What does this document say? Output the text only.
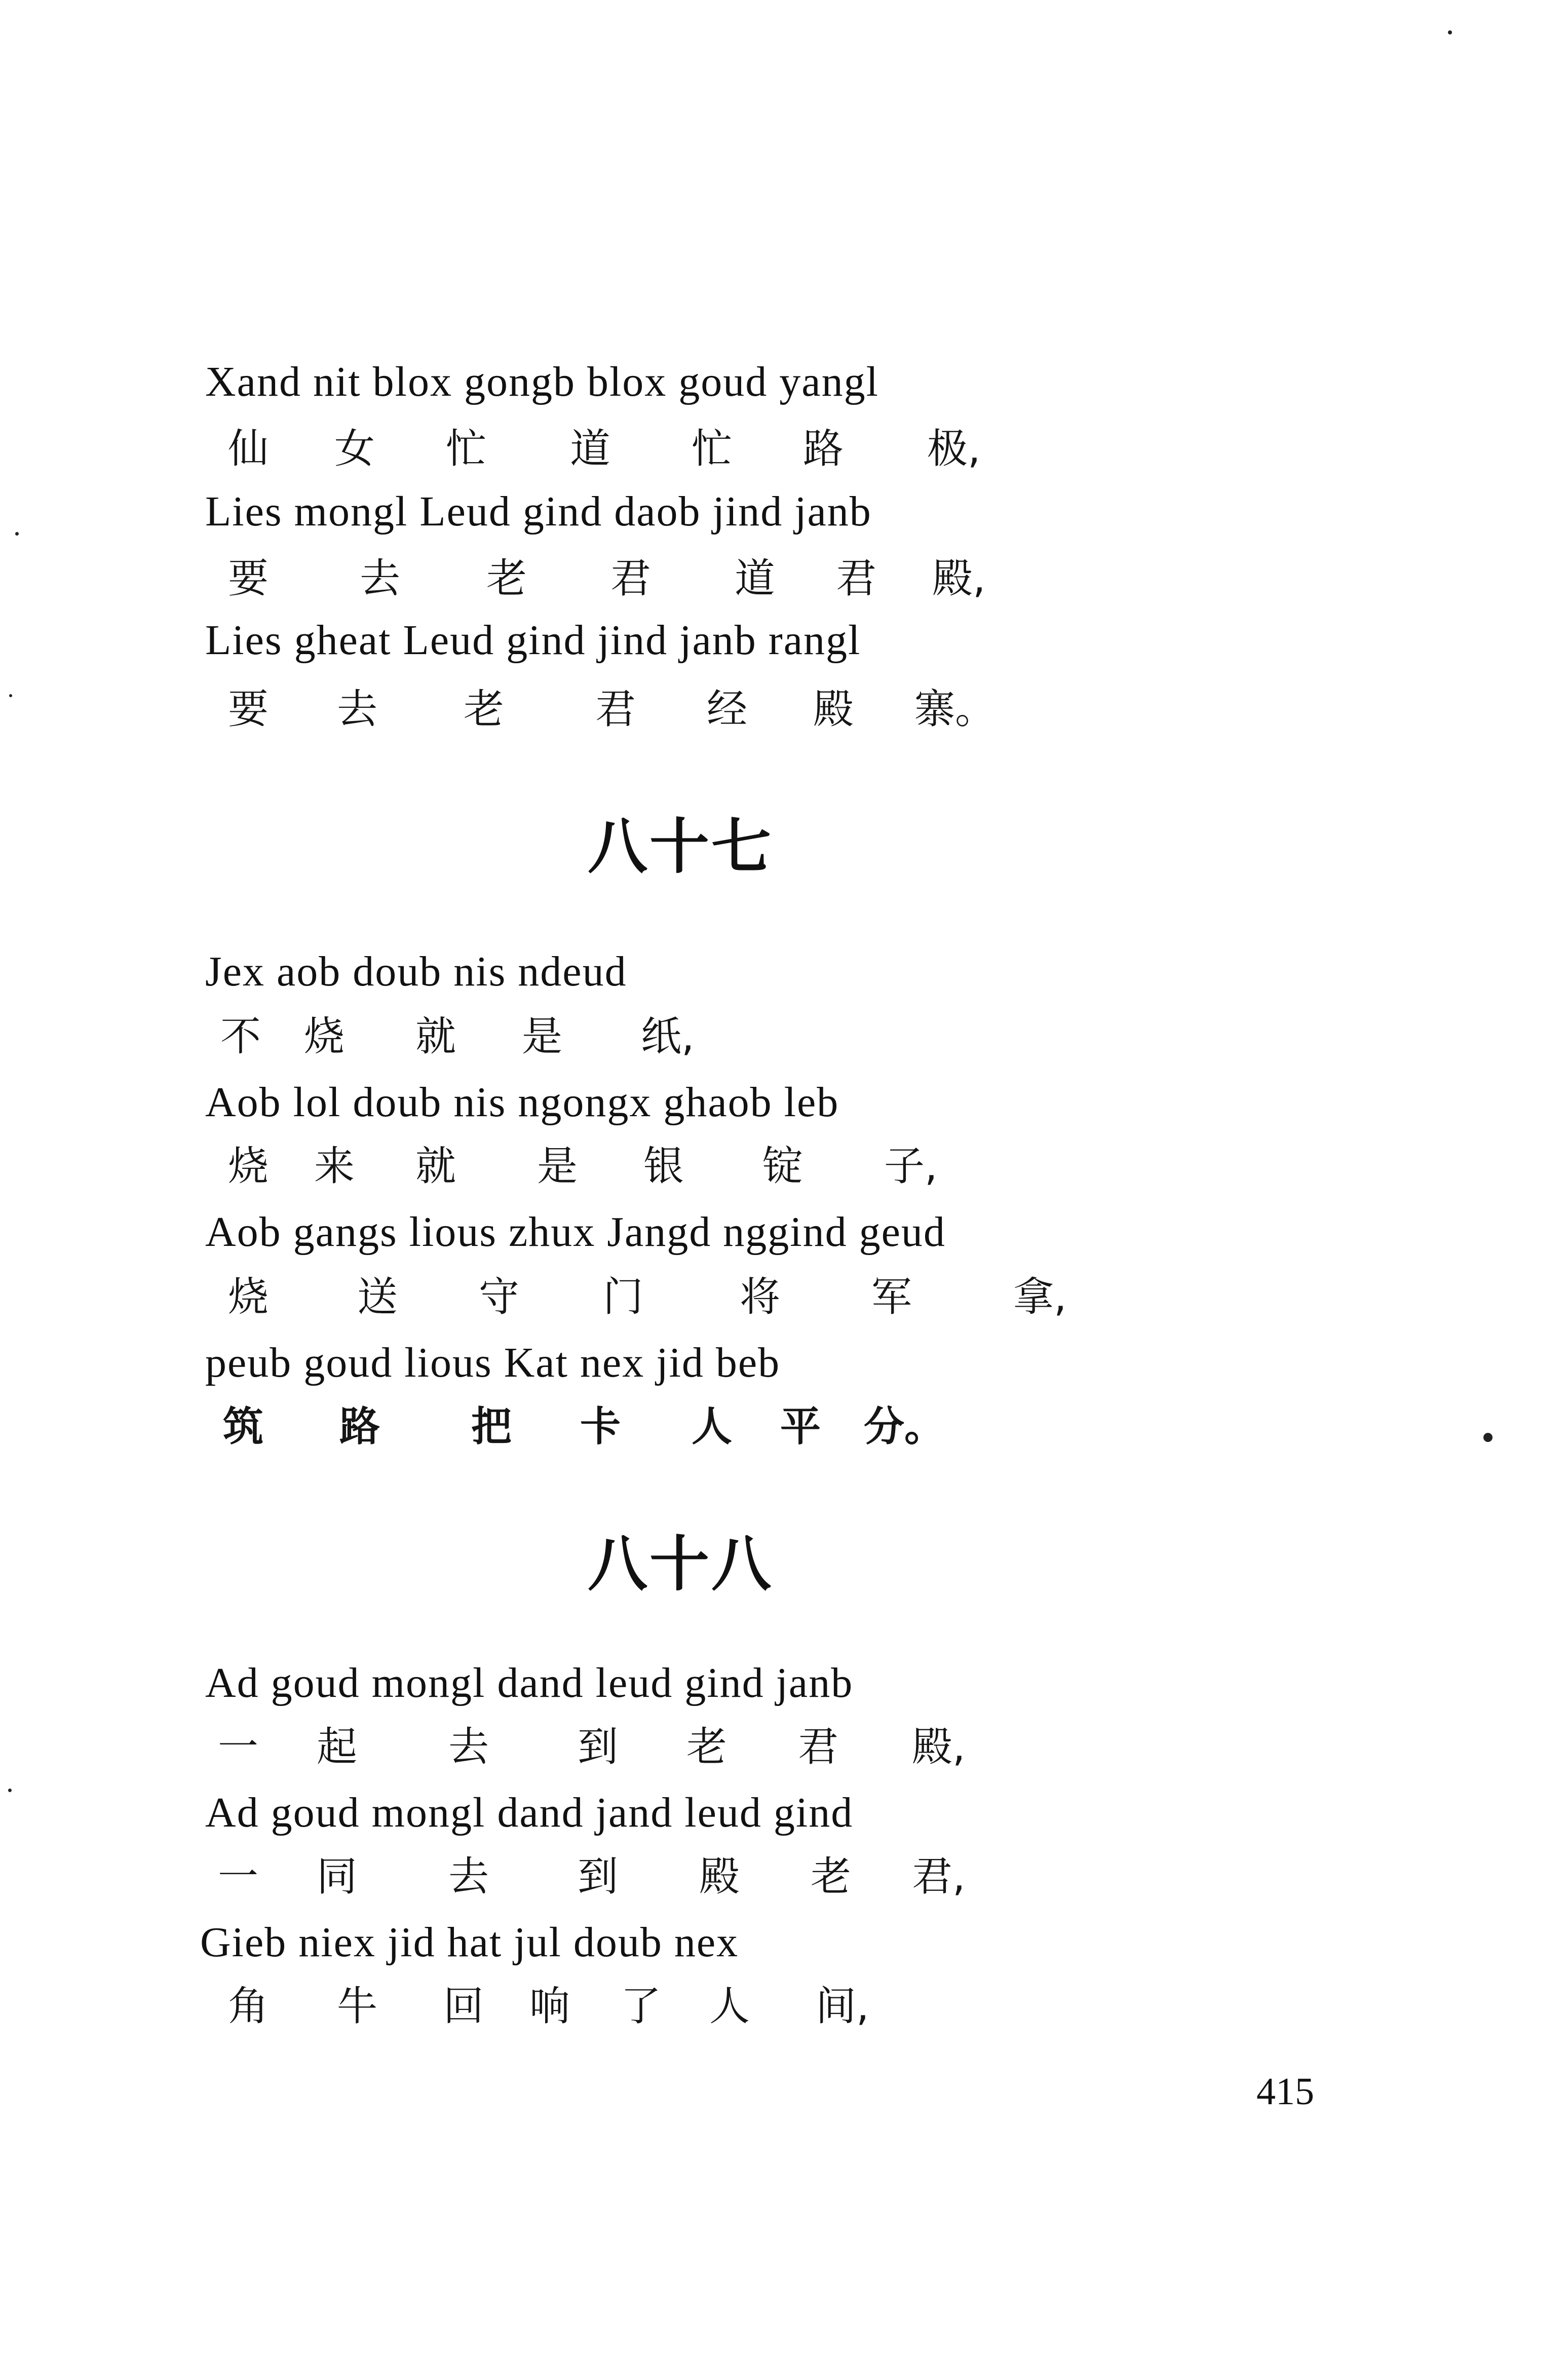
Xand nit blox gongb blox goud yangl

仙

女

忙

道

忙

路

极,

Lies mongl Leud gind daob jind janb

要

去

老

君

道

君

殿,

Lies gheat Leud gind jind janb rangl

要

去

老

君

经

殿

寨。

八十七
Jex aob doub nis ndeud

不

烧

就

是

纸,

Aob lol doub nis ngongx ghaob leb

烧

来

就

是

银

锭

子,

Aob gangs lious zhux Jangd nggind geud

烧

送

守

门

将

军

	拿,

peub goud lious Kat nex jid beb

筑

路

把

卡

人

平

分。

八十八
Ad goud mongl dand leud gind janb

一

起

去

到

老

君

殿,

Ad goud mongl dand jand leud gind

一

同

去

到

殿

老

君,

Gieb niex jid hat jul doub nex

角

牛

回

响

了

人

间,

415
